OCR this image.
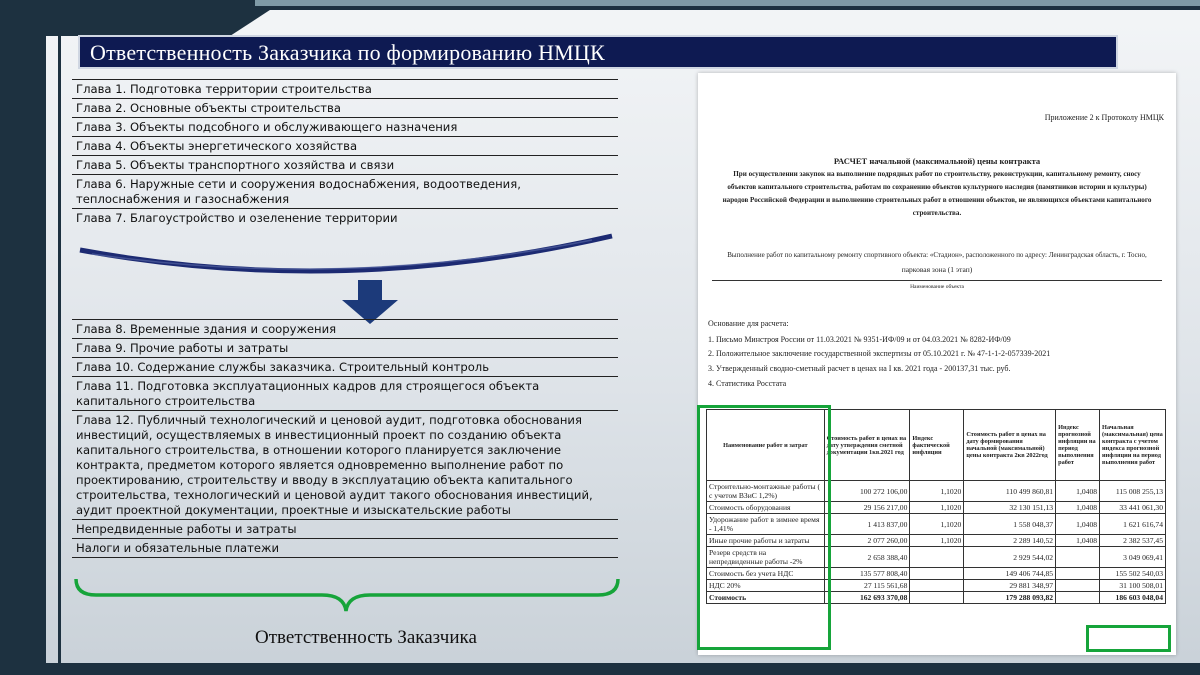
Ответственность Заказчика по формированию НМЦК
Глава 1. Подготовка территории строительства
Глава 2. Основные объекты строительства
Глава 3. Объекты подсобного и обслуживающего назначения
Глава 4. Объекты энергетического хозяйства
Глава 5. Объекты транспортного хозяйства и связи
Глава 6. Наружные сети и сооружения водоснабжения, водоотведения, теплоснабжения и газоснабжения
Глава 7. Благоустройство и озеленение территории
Глава 8. Временные здания и сооружения
Глава 9. Прочие работы и затраты
Глава 10. Содержание службы заказчика. Строительный контроль
Глава 11. Подготовка эксплуатационных кадров для строящегося объекта капитального строительства
Глава 12. Публичный технологический и ценовой аудит, подготовка обоснования инвестиций, осуществляемых в инвестиционный проект по созданию объекта капитального строительства, в отношении которого планируется заключение контракта, предметом которого является одновременно выполнение работ по проектированию, строительству и вводу в эксплуатацию объекта капитального строительства, технологический и ценовой аудит такого обоснования инвестиций, аудит проектной документации, проектные и изыскательские работы
Непредвиденные работы и затраты
Налоги и обязательные платежи
Ответственность Заказчика
Приложение 2 к Протоколу НМЦК
РАСЧЕТ начальной (максимальной) цены контракта
При осуществлении закупок на выполнение подрядных работ по строительству, реконструкции, капитальному ремонту, сносу
объектов капитального строительства, работам по сохранению объектов культурного наследия (памятников истории и культуры)
народов Российской Федерации и выполнению строительных работ в отношении объектов, не являющихся объектами капитального
строительства.
Выполнение работ по капитальному ремонту спортивного объекта: «Стадион», расположенного по адресу: Ленинградская область, г. Тосно,
парковая зона (1 этап)
Наименование объекта
Основание для расчета:
1. Письмо Минстроя России от 11.03.2021 № 9351-ИФ/09 и от 04.03.2021 № 8282-ИФ/09
2. Положительное заключение государственной экспертизы от 05.10.2021 г. № 47-1-1-2-057339-2021
3. Утвержденный сводно-сметный расчет в ценах на I кв. 2021 года - 200137,31 тыс. руб.
4. Статистика Росстата
Наименование работ и затрат	Стоимость работ в ценах на дату утверждения сметной документации 1кв.2021 год	Индекс фактической инфляции	Стоимость работ в ценах на дату формирования начальной (максимальной) цены контракта 2кв 2022год	Индекс прогнозной инфляции на период выполнения работ	Начальная (максимальная) цена контракта с учетом индекса прогнозной инфляции на период выполнения работ
Строительно-монтажные работы ( с учетом ВЗиС 1,2%)	100 272 106,00	1,1020	110 499 860,81	1,0408	115 008 255,13
Стоимость оборудования	29 156 217,00	1,1020	32 130 151,13	1,0408	33 441 061,30
Удорожание работ в зимнее время - 1,41%	1 413 837,00	1,1020	1 558 048,37	1,0408	1 621 616,74
Иные прочие работы и затраты	2 077 260,00	1,1020	2 289 140,52	1,0408	2 382 537,45
Резерв средств на непредвиденные работы -2%	2 658 388,40		2 929 544,02		3 049 069,41
Стоимость без учета НДС	135 577 808,40		149 406 744,85		155 502 540,03
НДС 20%	27 115 561,68		29 881 348,97		31 100 508,01
Стоимость	162 693 370,08		179 288 093,82		186 603 048,04
